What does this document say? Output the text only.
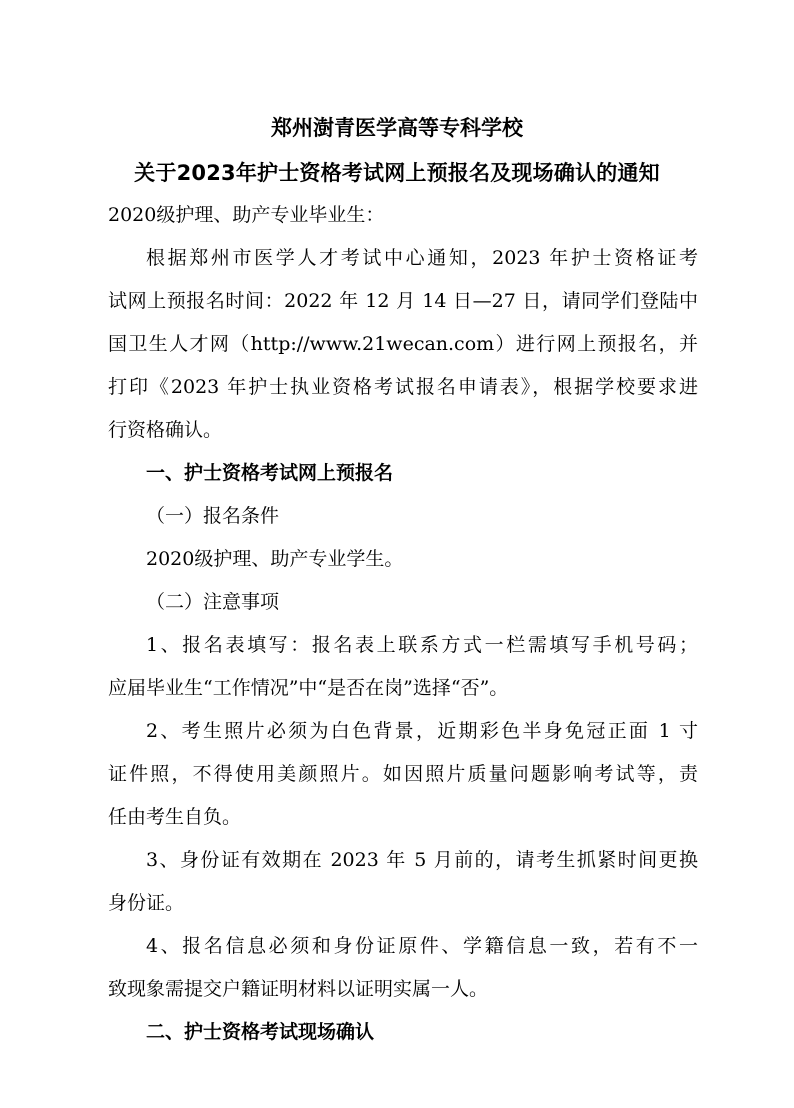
郑州澍青医学高等专科学校
关于2023年护士资格考试网上预报名及现场确认的通知
2020级护理、助产专业毕业生：
根据郑州市医学人才考试中心通知，2023 年护士资格证考
试网上预报名时间：2022 年 12 月 14 日—27 日，请同学们登陆中
国卫生人才网（http://www.21wecan.com）进行网上预报名，并
打印《2023 年护士执业资格考试报名申请表》，根据学校要求进
行资格确认。
一、护士资格考试网上预报名
（一）报名条件
2020级护理、助产专业学生。
（二）注意事项
1、报名表填写：报名表上联系方式一栏需填写手机号码；
应届毕业生“工作情况”中“是否在岗”选择“否”。
2、考生照片必须为白色背景，近期彩色半身免冠正面 1 寸
证件照，不得使用美颜照片。如因照片质量问题影响考试等，责
任由考生自负。
3、身份证有效期在 2023 年 5 月前的，请考生抓紧时间更换
身份证。
4、报名信息必须和身份证原件、学籍信息一致，若有不一
致现象需提交户籍证明材料以证明实属一人。
二、护士资格考试现场确认
